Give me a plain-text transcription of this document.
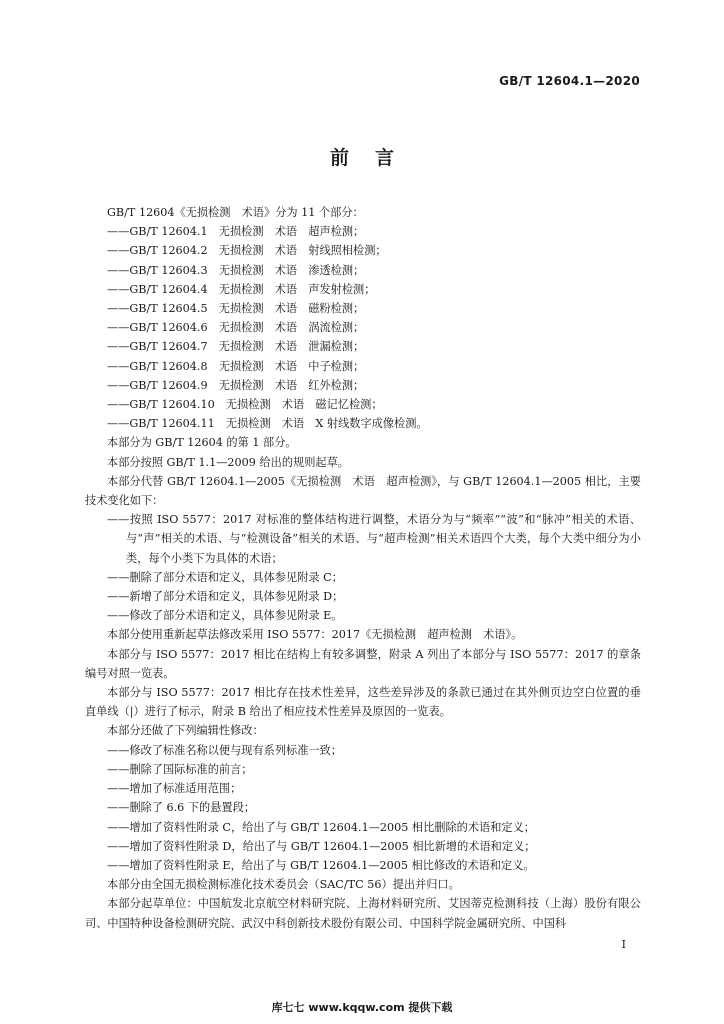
GB/T 12604.1—2020
前言

GB/T 12604《无损检测　术语》分为 11 个部分：

——GB/T 12604.1　无损检测　术语　超声检测；

——GB/T 12604.2　无损检测　术语　射线照相检测；

——GB/T 12604.3　无损检测　术语　渗透检测；

——GB/T 12604.4　无损检测　术语　声发射检测；

——GB/T 12604.5　无损检测　术语　磁粉检测；

——GB/T 12604.6　无损检测　术语　涡流检测；

——GB/T 12604.7　无损检测　术语　泄漏检测；

——GB/T 12604.8　无损检测　术语　中子检测；

——GB/T 12604.9　无损检测　术语　红外检测；

——GB/T 12604.10　无损检测　术语　磁记忆检测；

——GB/T 12604.11　无损检测　术语　X 射线数字成像检测。

本部分为 GB/T 12604 的第 1 部分。

本部分按照 GB/T 1.1—2009 给出的规则起草。

本部分代替 GB/T 12604.1—2005《无损检测　术语　超声检测》，与 GB/T 12604.1—2005 相比，主要技术变化如下：

——按照 ISO 5577：2017 对标准的整体结构进行调整，术语分为与“频率”“波”和“脉冲”相关的术语、与“声”相关的术语、与“检测设备”相关的术语、与“超声检测”相关术语四个大类，每个大类中细分为小类，每个小类下为具体的术语；

——删除了部分术语和定义，具体参见附录 C；

——新增了部分术语和定义，具体参见附录 D；

——修改了部分术语和定义，具体参见附录 E。

本部分使用重新起草法修改采用 ISO 5577：2017《无损检测　超声检测　术语》。

本部分与 ISO 5577：2017 相比在结构上有较多调整，附录 A 列出了本部分与 ISO 5577：2017 的章条编号对照一览表。

本部分与 ISO 5577：2017 相比存在技术性差异，这些差异涉及的条款已通过在其外侧页边空白位置的垂直单线（|）进行了标示，附录 B 给出了相应技术性差异及原因的一览表。

本部分还做了下列编辑性修改：

——修改了标准名称以便与现有系列标准一致；

——删除了国际标准的前言；

——增加了标准适用范围；

——删除了 6.6 下的悬置段；

——增加了资料性附录 C，给出了与 GB/T 12604.1—2005 相比删除的术语和定义；

——增加了资料性附录 D，给出了与 GB/T 12604.1—2005 相比新增的术语和定义；

——增加了资料性附录 E，给出了与 GB/T 12604.1—2005 相比修改的术语和定义。

本部分由全国无损检测标准化技术委员会（SAC/TC 56）提出并归口。

本部分起草单位：中国航发北京航空材料研究院、上海材料研究所、艾因蒂克检测科技（上海）股份有限公司、中国特种设备检测研究院、武汉中科创新技术股份有限公司、中国科学院金属研究所、中国科

I
库七七 www.kqqw.com 提供下载
